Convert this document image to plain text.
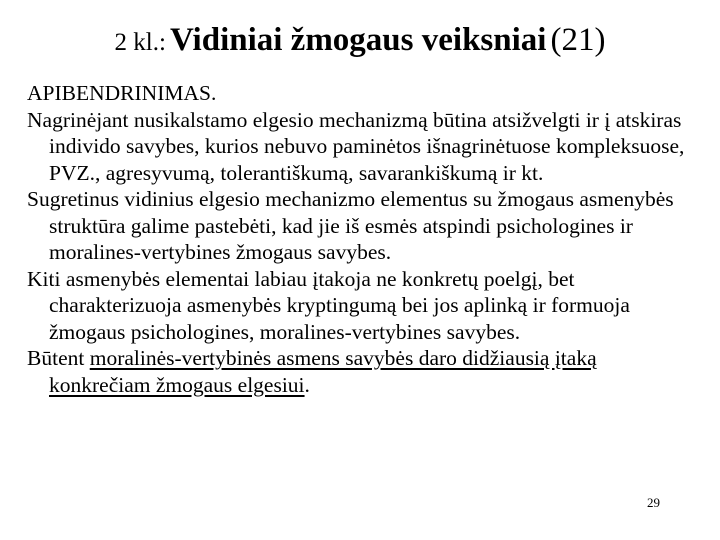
2 kl.: Vidiniai žmogaus veiksniai (21)

APIBENDRINIMAS.

Nagrinėjant nusikalstamo elgesio mechanizmą būtina atsižvelgti ir į atskiras individo savybes, kurios nebuvo paminėtos išnagrinėtuose kompleksuose, PVZ., agresyvumą, tolerantiškumą, savarankiškumą ir kt.

Sugretinus vidinius elgesio mechanizmo elementus su žmogaus asmenybės struktūra galime pastebėti, kad jie iš esmės atspindi psichologines ir moralines-vertybines žmogaus savybes.

Kiti asmenybės elementai labiau įtakoja ne konkretų poelgį, bet charakterizuoja asmenybės kryptingumą bei jos aplinką ir formuoja žmogaus psichologines, moralines-vertybines savybes.

Būtent moralinės-vertybinės asmens savybės daro didžiausią įtaką konkrečiam žmogaus elgesiui.

29
